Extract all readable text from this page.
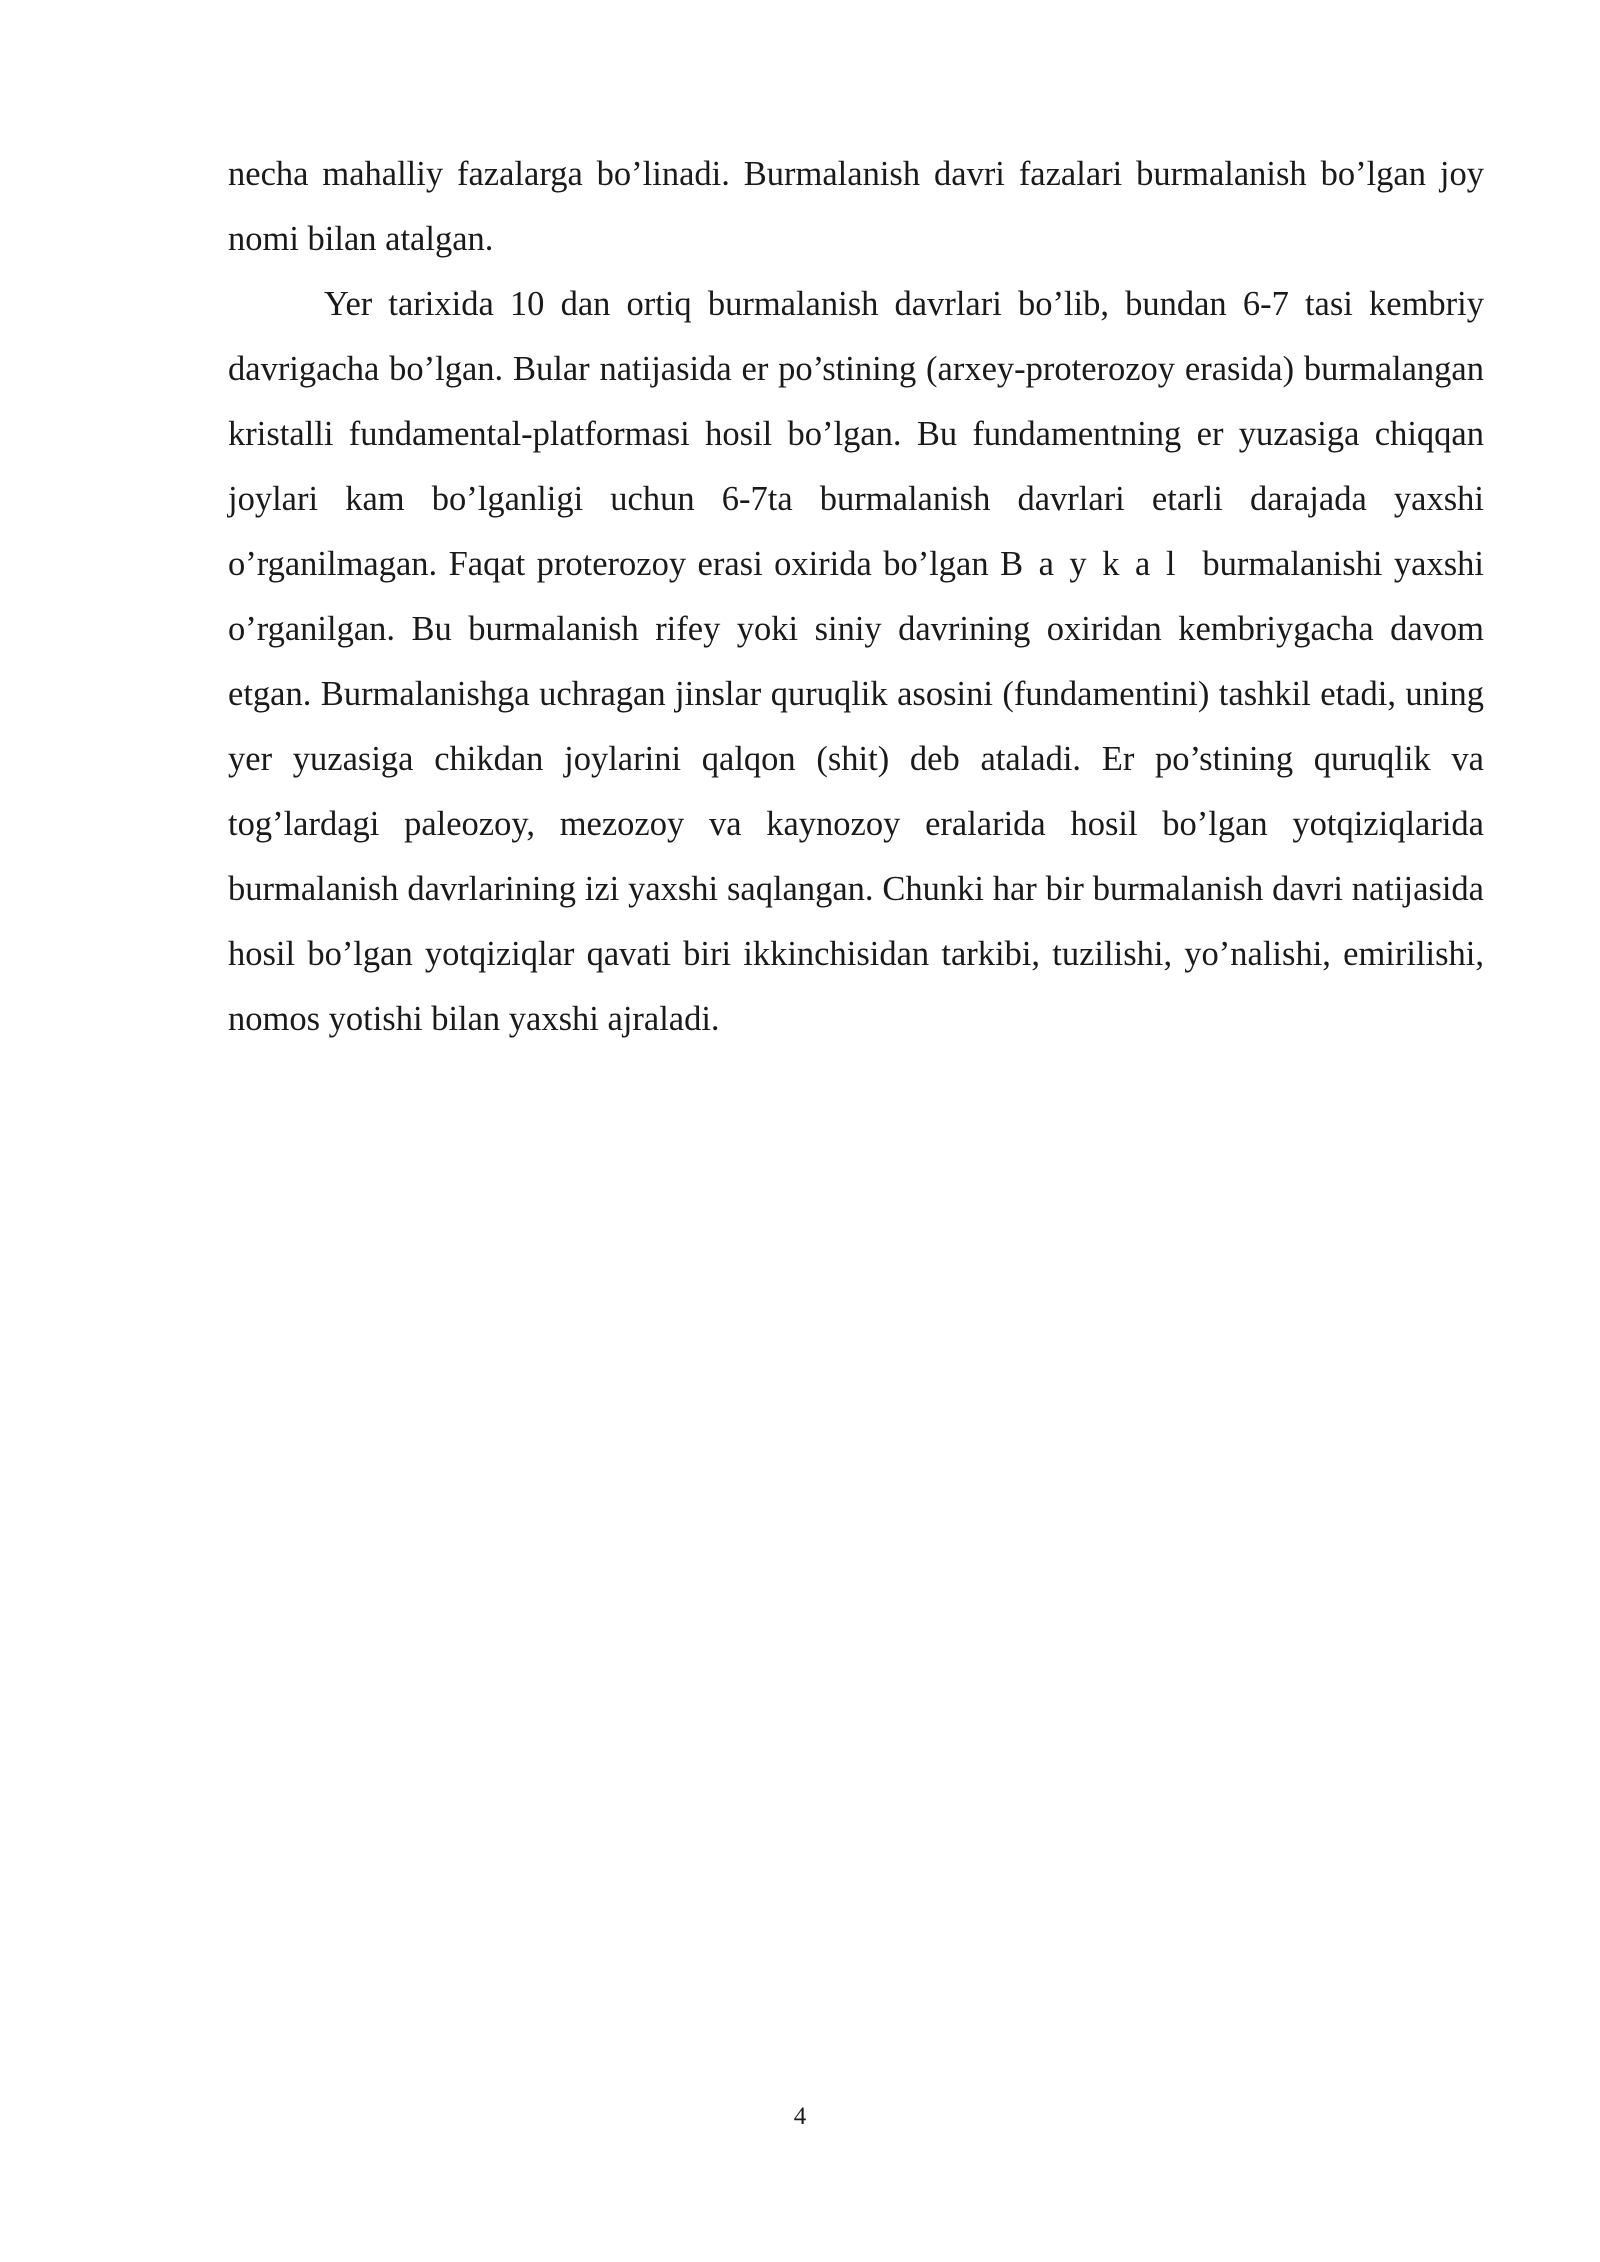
necha mahalliy fazalarga bo’linadi. Burmalanish davri fazalari burmalanish bo’lgan joy nomi bilan atalgan.

Yer tarixida 10 dan ortiq burmalanish davrlari bo’lib, bundan 6-7 tasi kembriy davrigacha bo’lgan. Bular natijasida er po’stining (arxey-proterozoy erasida) burmalangan kristalli fundamental-platformasi hosil bo’lgan. Bu fundamentning er yuzasiga chiqqan joylari kam bo’lganligi uchun 6-7ta burmalanish davrlari etarli darajada yaxshi o’rganilmagan. Faqat proterozoy erasi oxirida bo’lgan Baykal burmalanishi yaxshi o’rganilgan. Bu burmalanish rifey yoki siniy davrining oxiridan kembriygacha davom etgan. Burmalanishga uchragan jinslar quruqlik asosini (fundamentini) tashkil etadi, uning yer yuzasiga chikdan joylarini qalqon (shit) deb ataladi. Er po’stining quruqlik va tog’lardagi paleozoy, mezozoy va kaynozoy eralarida hosil bo’lgan yotqiziqlarida burmalanish davrlarining izi yaxshi saqlangan. Chunki har bir burmalanish davri natijasida hosil bo’lgan yotqiziqlar qavati biri ikkinchisidan tarkibi, tuzilishi, yo’nalishi, emirilishi, nomos yotishi bilan yaxshi ajraladi.

4
